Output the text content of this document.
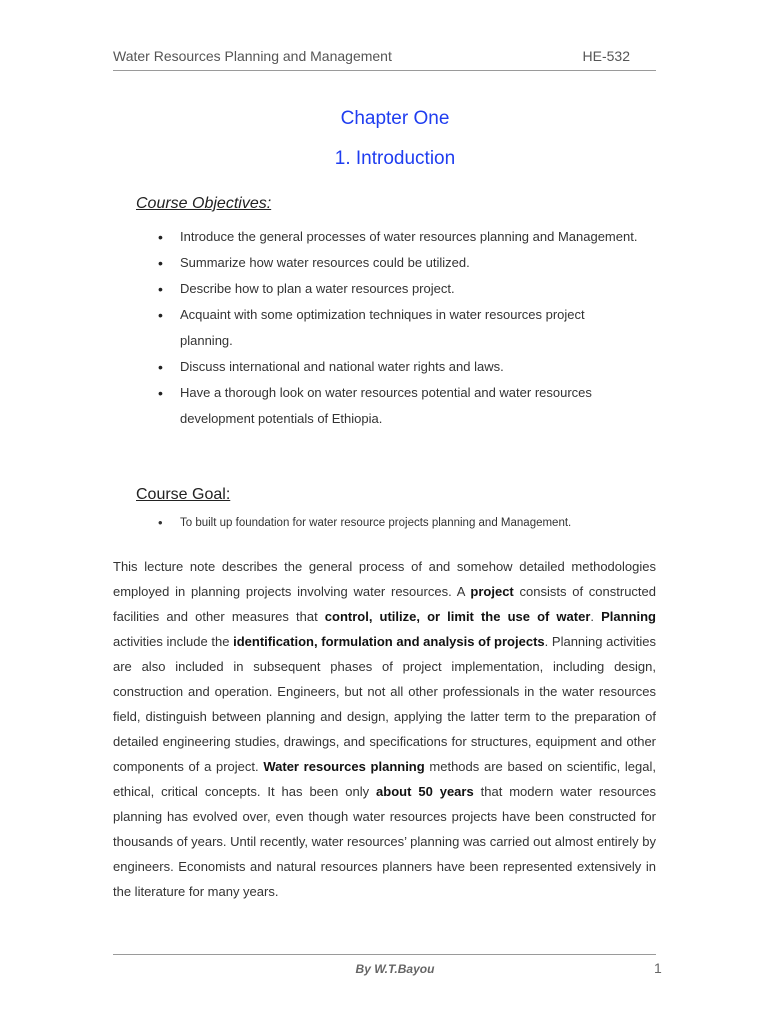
Water Resources Planning and Management	HE-532
Chapter One
1. Introduction
Course Objectives:
• Introduce the general processes of water resources planning and Management.
• Summarize how water resources could be utilized.
• Describe how to plan a water resources project.
• Acquaint with some optimization techniques in water resources project planning.
• Discuss international and national water rights and laws.
• Have a thorough look on water resources potential and water resources development potentials of Ethiopia.
Course Goal:
• To built up foundation for water resource projects planning and Management.

This lecture note describes the general process of and somehow detailed methodologies employed in planning projects involving water resources. A project consists of constructed facilities and other measures that control, utilize, or limit the use of water. Planning activities include the identification, formulation and analysis of projects. Planning activities are also included in subsequent phases of project implementation, including design, construction and operation. Engineers, but not all other professionals in the water resources field, distinguish between planning and design, applying the latter term to the preparation of detailed engineering studies, drawings, and specifications for structures, equipment and other components of a project. Water resources planning methods are based on scientific, legal, ethical, critical concepts. It has been only about 50 years that modern water resources planning has evolved over, even though water resources projects have been constructed for thousands of years. Until recently, water resources’ planning was carried out almost entirely by engineers. Economists and natural resources planners have been represented extensively in the literature for many years.

By W.T.Bayou	1
